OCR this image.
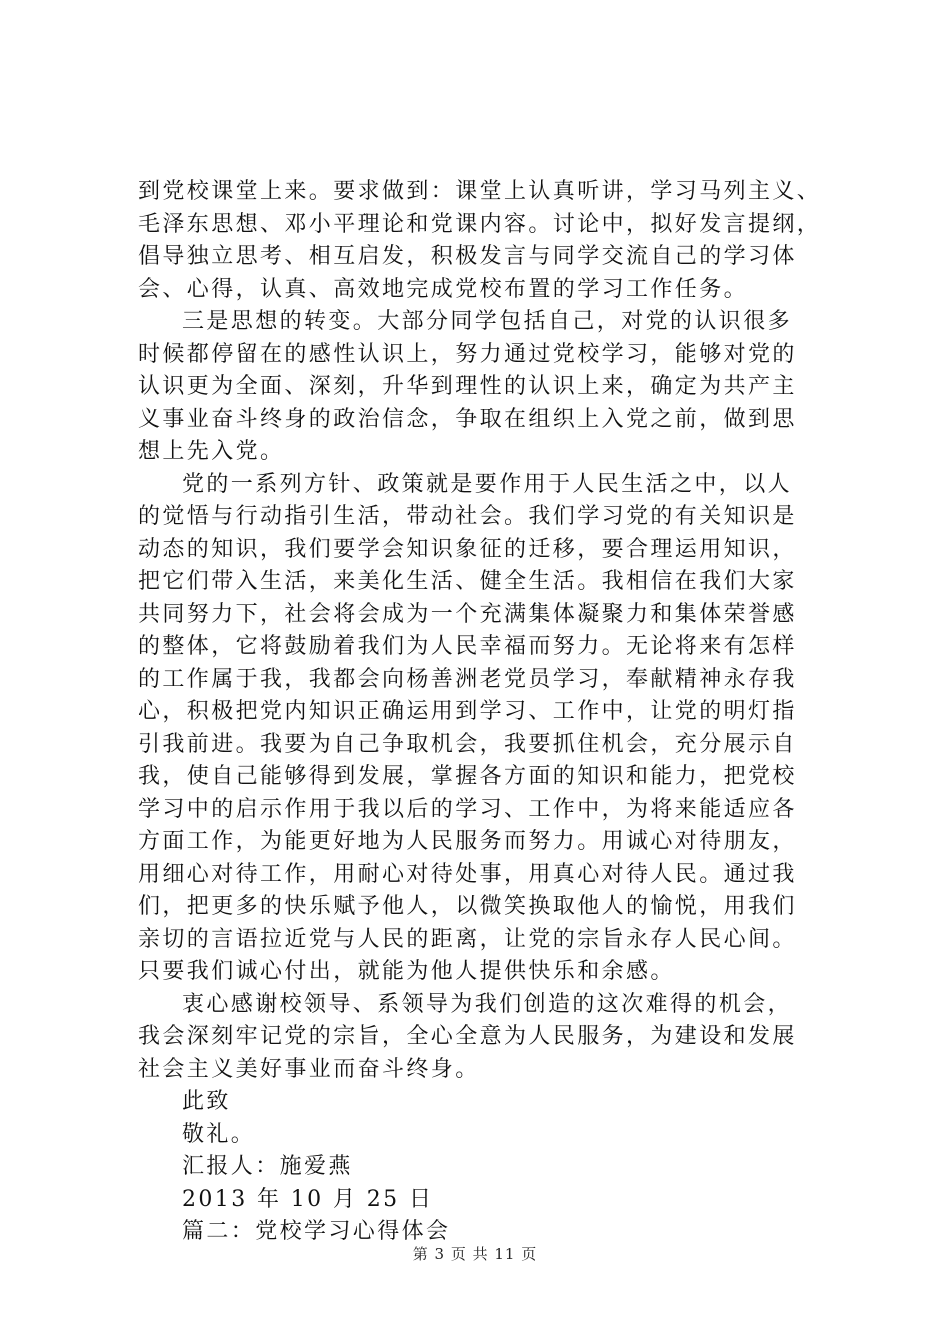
到党校课堂上来。要求做到：课堂上认真听讲，学习马列主义、
毛泽东思想、邓小平理论和党课内容。讨论中，拟好发言提纲，
倡导独立思考、相互启发，积极发言与同学交流自己的学习体
会、心得，认真、高效地完成党校布置的学习工作任务。
三是思想的转变。大部分同学包括自己，对党的认识很多
时候都停留在的感性认识上，努力通过党校学习，能够对党的
认识更为全面、深刻，升华到理性的认识上来，确定为共产主
义事业奋斗终身的政治信念，争取在组织上入党之前，做到思
想上先入党。
党的一系列方针、政策就是要作用于人民生活之中，以人
的觉悟与行动指引生活，带动社会。我们学习党的有关知识是
动态的知识，我们要学会知识象征的迁移，要合理运用知识，
把它们带入生活，来美化生活、健全生活。我相信在我们大家
共同努力下，社会将会成为一个充满集体凝聚力和集体荣誉感
的整体，它将鼓励着我们为人民幸福而努力。无论将来有怎样
的工作属于我，我都会向杨善洲老党员学习，奉献精神永存我
心，积极把党内知识正确运用到学习、工作中，让党的明灯指
引我前进。我要为自己争取机会，我要抓住机会，充分展示自
我，使自己能够得到发展，掌握各方面的知识和能力，把党校
学习中的启示作用于我以后的学习、工作中，为将来能适应各
方面工作，为能更好地为人民服务而努力。用诚心对待朋友，
用细心对待工作，用耐心对待处事，用真心对待人民。通过我
们，把更多的快乐赋予他人，以微笑换取他人的愉悦，用我们
亲切的言语拉近党与人民的距离，让党的宗旨永存人民心间。
只要我们诚心付出，就能为他人提供快乐和余感。
衷心感谢校领导、系领导为我们创造的这次难得的机会，
我会深刻牢记党的宗旨，全心全意为人民服务，为建设和发展
社会主义美好事业而奋斗终身。
此致
敬礼。
汇报人：施爱燕
2013 年 10 月 25 日
篇二：党校学习心得体会
第 3 页 共 11 页
